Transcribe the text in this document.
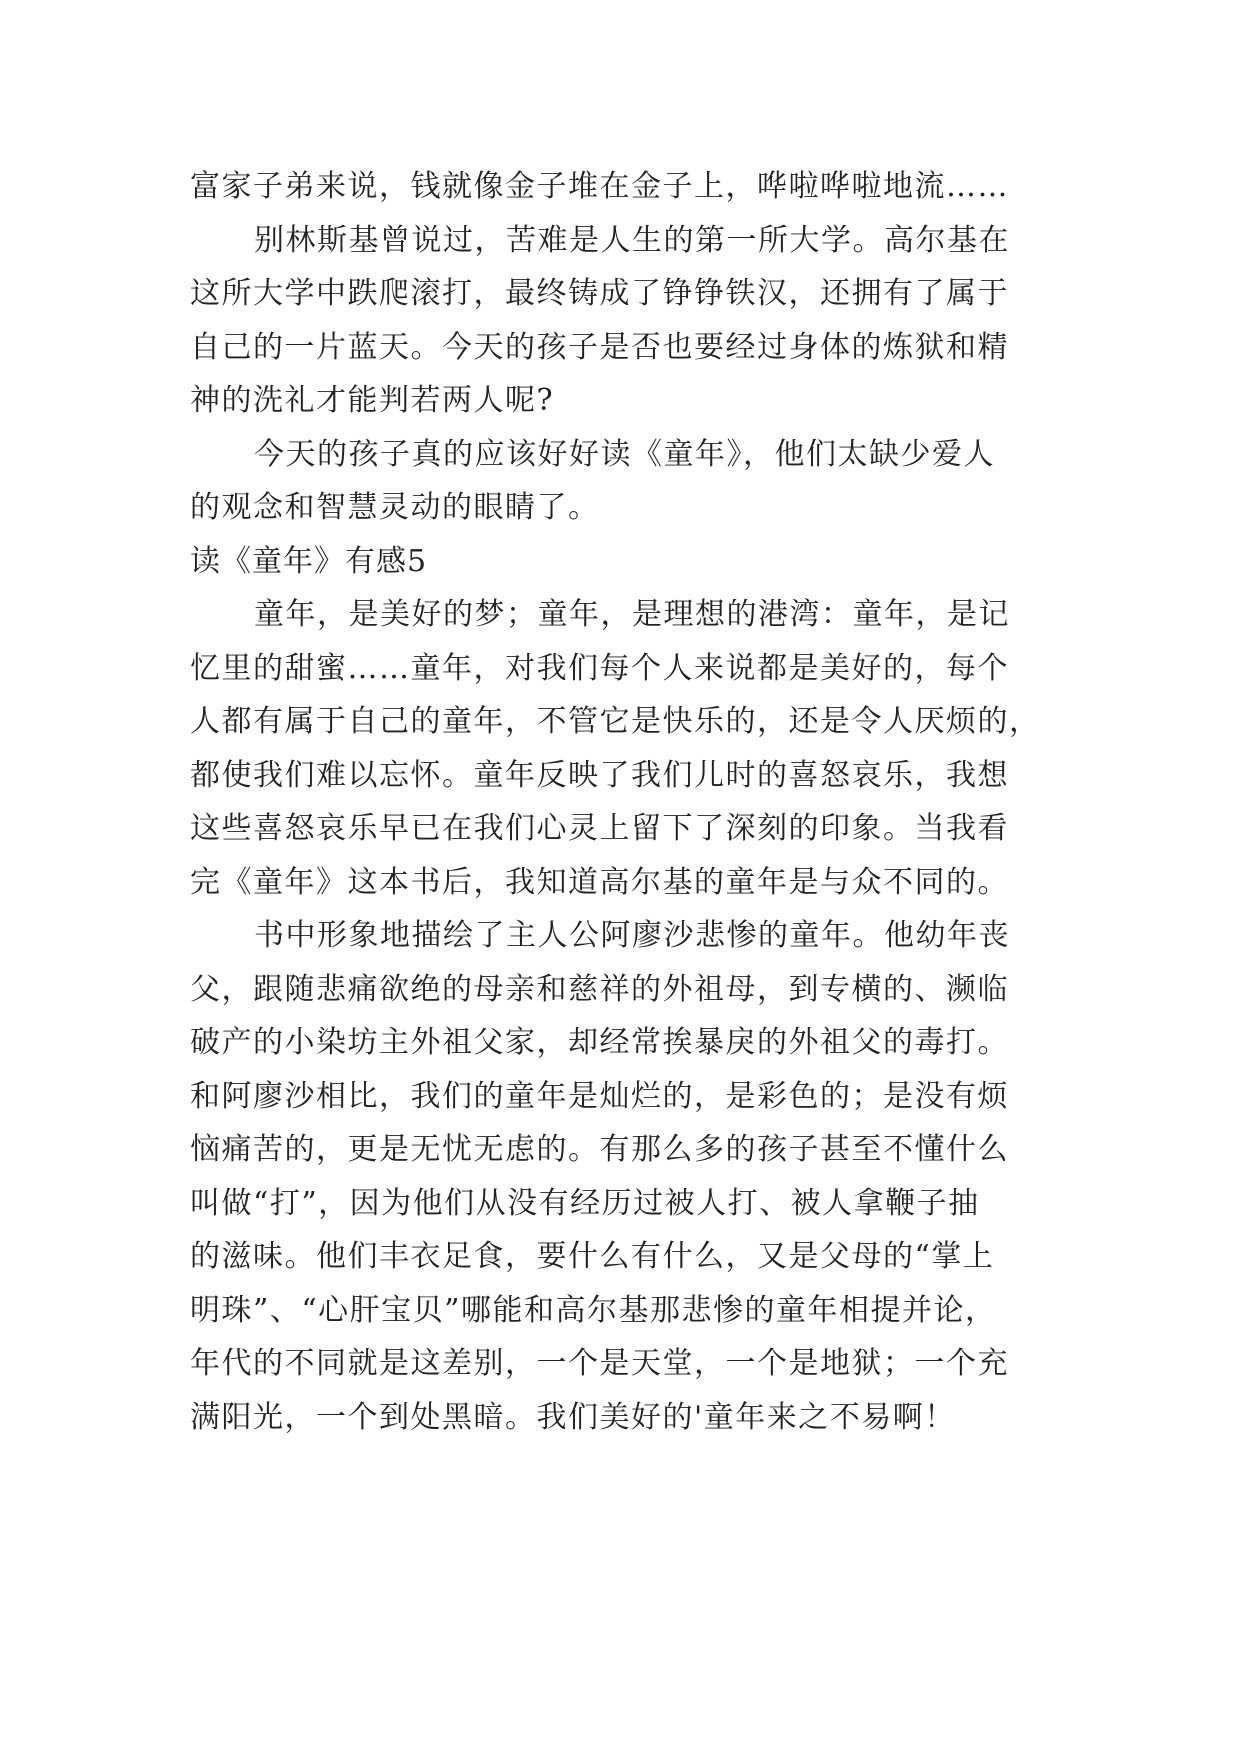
富家子弟来说，钱就像金子堆在金子上，哗啦哗啦地流……
别林斯基曾说过，苦难是人生的第一所大学。高尔基在
这所大学中跌爬滚打，最终铸成了铮铮铁汉，还拥有了属于
自己的一片蓝天。今天的孩子是否也要经过身体的炼狱和精
神的洗礼才能判若两人呢?
今天的孩子真的应该好好读《童年》，他们太缺少爱人
的观念和智慧灵动的眼睛了。
读《童年》有感5
童年，是美好的梦；童年，是理想的港湾：童年，是记
忆里的甜蜜……童年，对我们每个人来说都是美好的，每个
人都有属于自己的童年，不管它是快乐的，还是令人厌烦的，
都使我们难以忘怀。童年反映了我们儿时的喜怒哀乐，我想
这些喜怒哀乐早已在我们心灵上留下了深刻的印象。当我看
完《童年》这本书后，我知道高尔基的童年是与众不同的。
书中形象地描绘了主人公阿廖沙悲惨的童年。他幼年丧
父，跟随悲痛欲绝的母亲和慈祥的外祖母，到专横的、濒临
破产的小染坊主外祖父家，却经常挨暴戾的外祖父的毒打。
和阿廖沙相比，我们的童年是灿烂的，是彩色的；是没有烦
恼痛苦的，更是无忧无虑的。有那么多的孩子甚至不懂什么
叫做“打”，因为他们从没有经历过被人打、被人拿鞭子抽
的滋味。他们丰衣足食，要什么有什么，又是父母的“掌上
明珠”、“心肝宝贝”哪能和高尔基那悲惨的童年相提并论，
年代的不同就是这差别，一个是天堂，一个是地狱；一个充
满阳光，一个到处黑暗。我们美好的'童年来之不易啊！
